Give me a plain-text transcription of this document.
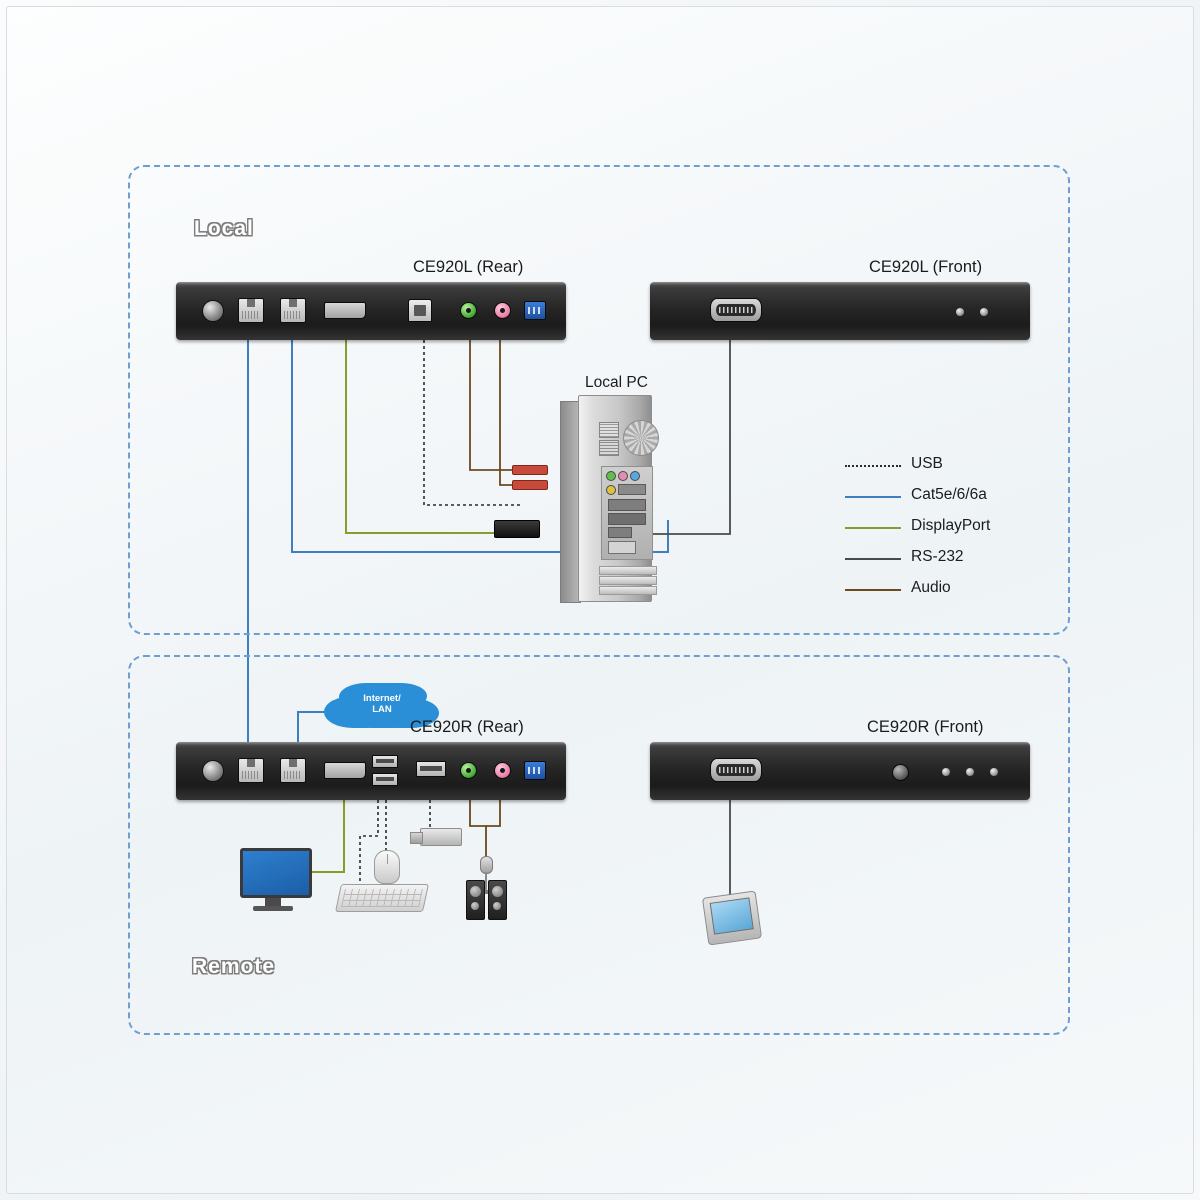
Local
CE920L (Rear)	CE920L (Front)
Local PC
USB
Cat5e/6/6a
DisplayPort
RS-232
Audio
Remote
Internet/
LAN
CE920R (Rear)	CE920R (Front)
